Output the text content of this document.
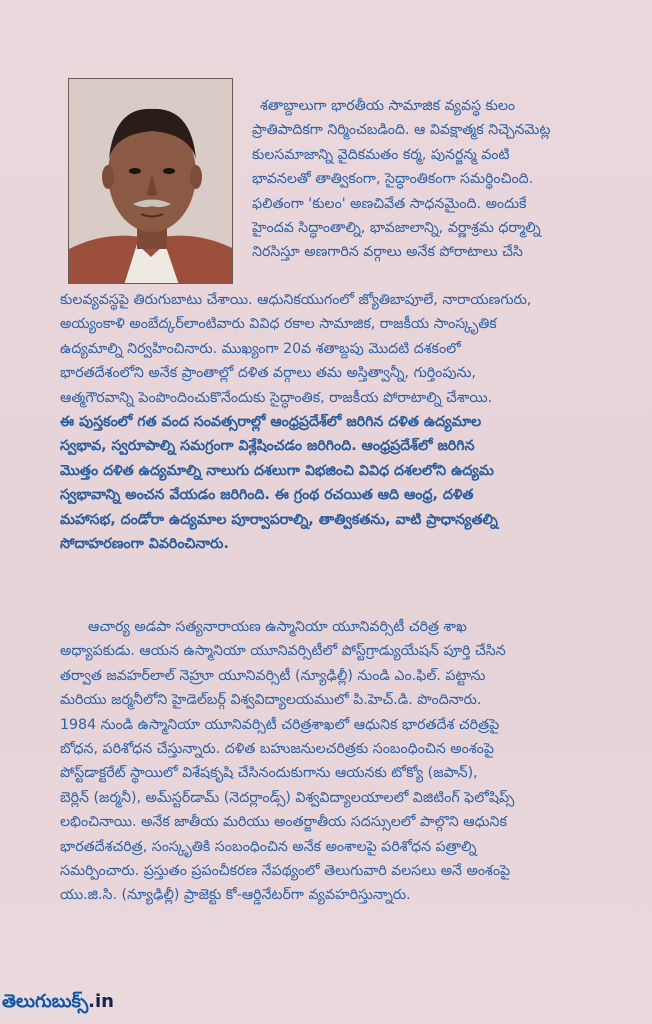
శతాబ్దాలుగా భారతీయ సామాజిక వ్యవస్థ కులం
ప్రాతిపాదికగా నిర్మించబడింది. ఆ వివక్షాత్మక నిచ్చెనమెట్ల
కులసమాజాన్ని వైదికమతం కర్మ, పునర్జన్మ వంటి
భావనలతో తాత్వికంగా, సైద్ధాంతికంగా సమర్థించింది.
ఫలితంగా 'కులం' అణచివేత సాధనమైంది. అందుకే
హైందవ సిద్ధాంతాల్ని, భావజాలాన్ని, వర్ణాశ్రమ ధర్మాల్ని
నిరసిస్తూ అణగారిన వర్గాలు అనేక పోరాటాలు చేసి
కులవ్యవస్థపై తిరుగుబాటు చేశాయి. ఆధునికయుగంలో జ్యోతిబాపూలే, నారాయణగురు,
అయ్యంకాళి అంబేద్కర్‌లాంటివారు వివిధ రకాల సామాజిక, రాజకీయ సాంస్కృతిక
ఉద్యమాల్ని నిర్వహించినారు. ముఖ్యంగా 20వ శతాబ్దపు మొదటి దశకంలో
భారతదేశంలోని అనేక ప్రాంతాల్లో దళిత వర్గాలు తమ అస్తిత్వాన్నీ, గుర్తింపును,
ఆత్మగౌరవాన్ని పెంపొందించుకొనేందుకు సైద్ధాంతిక, రాజకీయ పోరాటాల్ని చేశాయి.
ఈ పుస్తకంలో గత వంద సంవత్సరాల్లో ఆంధ్రప్రదేశ్‌లో జరిగిన దళిత ఉద్యమాల
స్వభావ, స్వరూపాల్ని సమగ్రంగా విశ్లేషించడం జరిగింది. ఆంధ్రప్రదేశ్‌లో జరిగిన
మొత్తం దళిత ఉద్యమాల్ని నాలుగు దశలుగా విభజించి వివిధ దశలలోని ఉద్యమ
స్వభావాన్ని అంచన వేయడం జరిగింది. ఈ గ్రంథ రచయిత ఆది ఆంధ్ర, దళిత
మహాసభ, దండోరా ఉద్యమాల పూర్వాపరాల్ని, తాత్వికతను, వాటి ప్రాధాన్యతల్ని
సోదాహరణంగా వివరించినారు.
ఆచార్య అడపా సత్యనారాయణ ఉస్మానియా యూనివర్సిటీ చరిత్ర శాఖ
అధ్యాపకుడు. ఆయన ఉస్మానియా యూనివర్సిటీలో పోస్ట్‌గ్రాడ్యుయేషన్ పూర్తి చేసిన
తర్వాత జవహర్‌లాల్ నెహ్రూ యూనివర్సిటీ (న్యూఢిల్లీ) నుండి ఎం.ఫిల్. పట్టాను
మరియు జర్మనీలోని హైడెల్‌బర్గ్ విశ్వవిద్యాలయములో పి.హెచ్.డి. పొందినారు.
1984 నుండి ఉస్మానియా యూనివర్సిటీ చరిత్రశాఖలో ఆధునిక భారతదేశ చరిత్రపై
బోధన, పరిశోధన చేస్తున్నారు. దళిత బహుజనులచరిత్రకు సంబంధించిన అంశంపై
పోస్ట్‌డాక్టరేట్ స్థాయిలో విశేషకృషి చేసినందుకుగాను ఆయనకు టోక్యో (జపాన్),
బెర్లిన్ (జర్మనీ), అమ్‌స్టర్‌డామ్ (నెదర్లాండ్స్) విశ్వవిద్యాలయాలలో విజిటింగ్ ఫెలోషిప్స్
లభించినాయి. అనేక జాతీయ మరియు అంతర్జాతీయ సదస్సులలో పాల్గొని ఆధునిక
భారతదేశచరిత్ర, సంస్కృతికి సంబంధించిన అనేక అంశాలపై పరిశోధన పత్రాల్ని
సమర్పించారు. ప్రస్తుతం ప్రపంచీకరణ నేపథ్యంలో తెలుగువారి వలసలు అనే అంశంపై
యు.జి.సి. (న్యూఢిల్లీ) ప్రాజెక్టు కో-ఆర్డినేటర్‌గా వ్యవహరిస్తున్నారు.
తెలుగుబుక్స్.in
